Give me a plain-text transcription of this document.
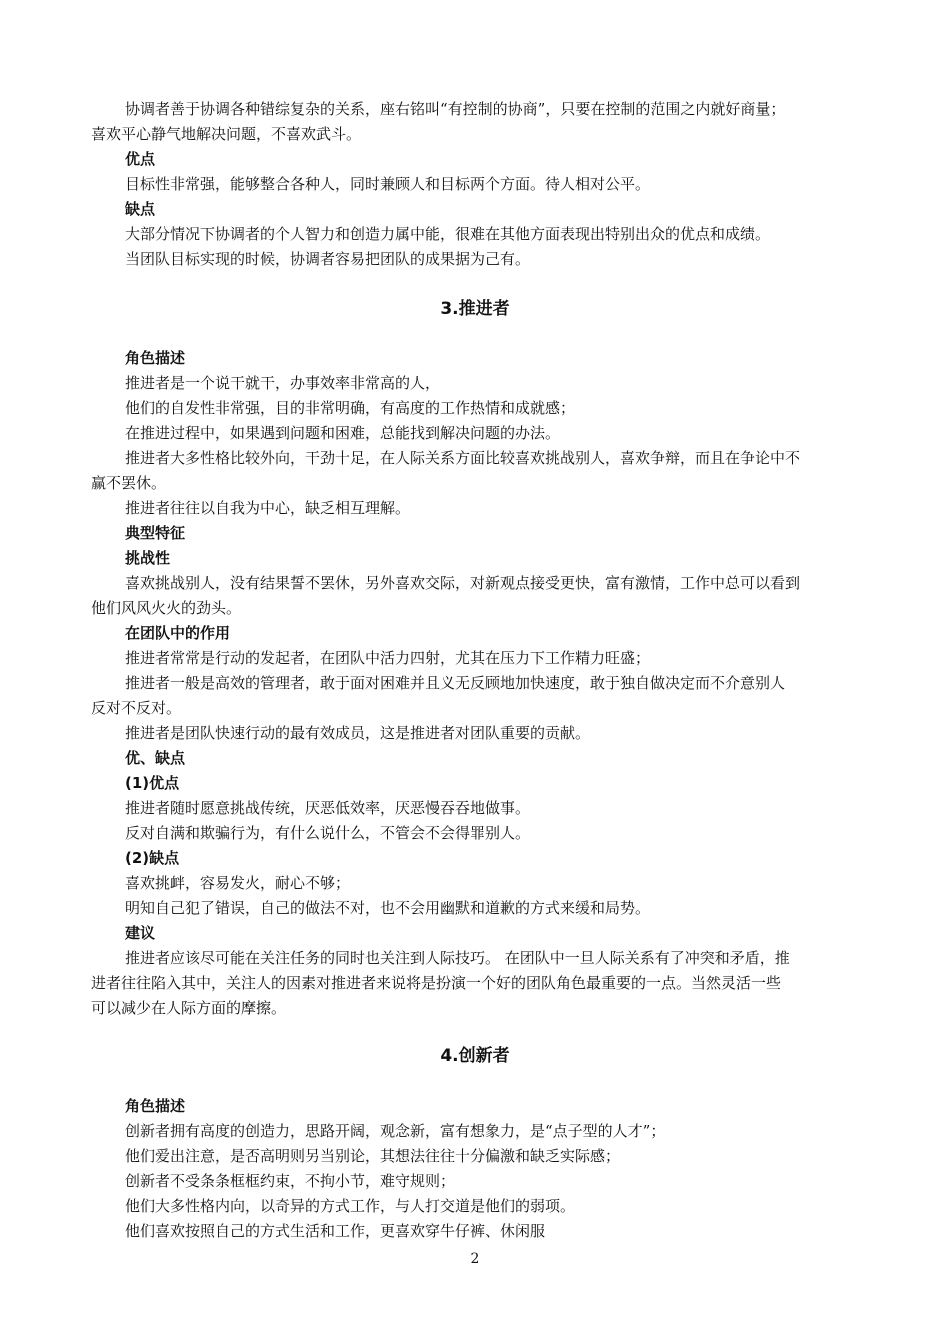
协调者善于协调各种错综复杂的关系，座右铭叫“有控制的协商”，只要在控制的范围之内就好商量；

喜欢平心静气地解决问题，不喜欢武斗。

优点

目标性非常强，能够整合各种人，同时兼顾人和目标两个方面。待人相对公平。

缺点

大部分情况下协调者的个人智力和创造力属中能，很难在其他方面表现出特别出众的优点和成绩。

当团队目标实现的时候，协调者容易把团队的成果据为己有。

3.推进者

角色描述

推进者是一个说干就干，办事效率非常高的人，

他们的自发性非常强，目的非常明确，有高度的工作热情和成就感；

在推进过程中，如果遇到问题和困难，总能找到解决问题的办法。

推进者大多性格比较外向，干劲十足，在人际关系方面比较喜欢挑战别人，喜欢争辩，而且在争论中不

赢不罢休。

推进者往往以自我为中心，缺乏相互理解。

典型特征

挑战性

喜欢挑战别人，没有结果誓不罢休，另外喜欢交际，对新观点接受更快，富有激情，工作中总可以看到

他们风风火火的劲头。

在团队中的作用

推进者常常是行动的发起者，在团队中活力四射，尤其在压力下工作精力旺盛；

推进者一般是高效的管理者，敢于面对困难并且义无反顾地加快速度，敢于独自做决定而不介意别人

反对不反对。

推进者是团队快速行动的最有效成员，这是推进者对团队重要的贡献。

优、缺点

(1)优点

推进者随时愿意挑战传统，厌恶低效率，厌恶慢吞吞地做事。

反对自满和欺骗行为，有什么说什么，不管会不会得罪别人。

(2)缺点

喜欢挑衅，容易发火，耐心不够；

明知自己犯了错误，自己的做法不对，也不会用幽默和道歉的方式来缓和局势。

建议

推进者应该尽可能在关注任务的同时也关注到人际技巧。 在团队中一旦人际关系有了冲突和矛盾，推

进者往往陷入其中，关注人的因素对推进者来说将是扮演一个好的团队角色最重要的一点。当然灵活一些

可以减少在人际方面的摩擦。

4.创新者

角色描述

创新者拥有高度的创造力，思路开阔，观念新，富有想象力，是“点子型的人才”；

他们爱出注意，是否高明则另当别论，其想法往往十分偏激和缺乏实际感；

创新者不受条条框框约束，不拘小节，难守规则；

他们大多性格内向，以奇异的方式工作，与人打交道是他们的弱项。

他们喜欢按照自己的方式生活和工作，更喜欢穿牛仔裤、休闲服

2
